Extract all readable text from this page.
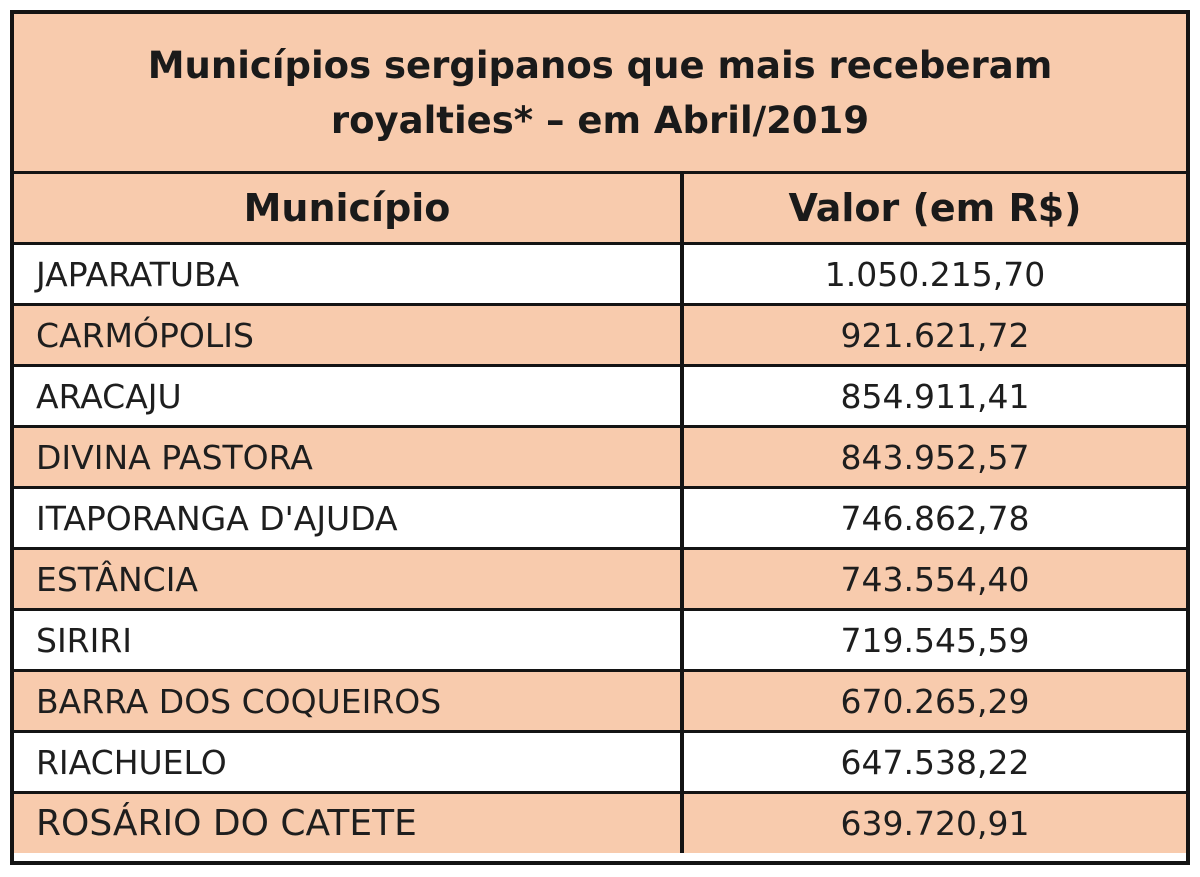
Municípios sergipanos que mais receberam
royalties* – em Abril/2019
Município	Valor (em R$)
JAPARATUBA	1.050.215,70
CARMÓPOLIS	921.621,72
ARACAJU	854.911,41
DIVINA PASTORA	843.952,57
ITAPORANGA D'AJUDA	746.862,78
ESTÂNCIA	743.554,40
SIRIRI	719.545,59
BARRA DOS COQUEIROS	670.265,29
RIACHUELO	647.538,22
ROSÁRIO DO CATETE	639.720,91
